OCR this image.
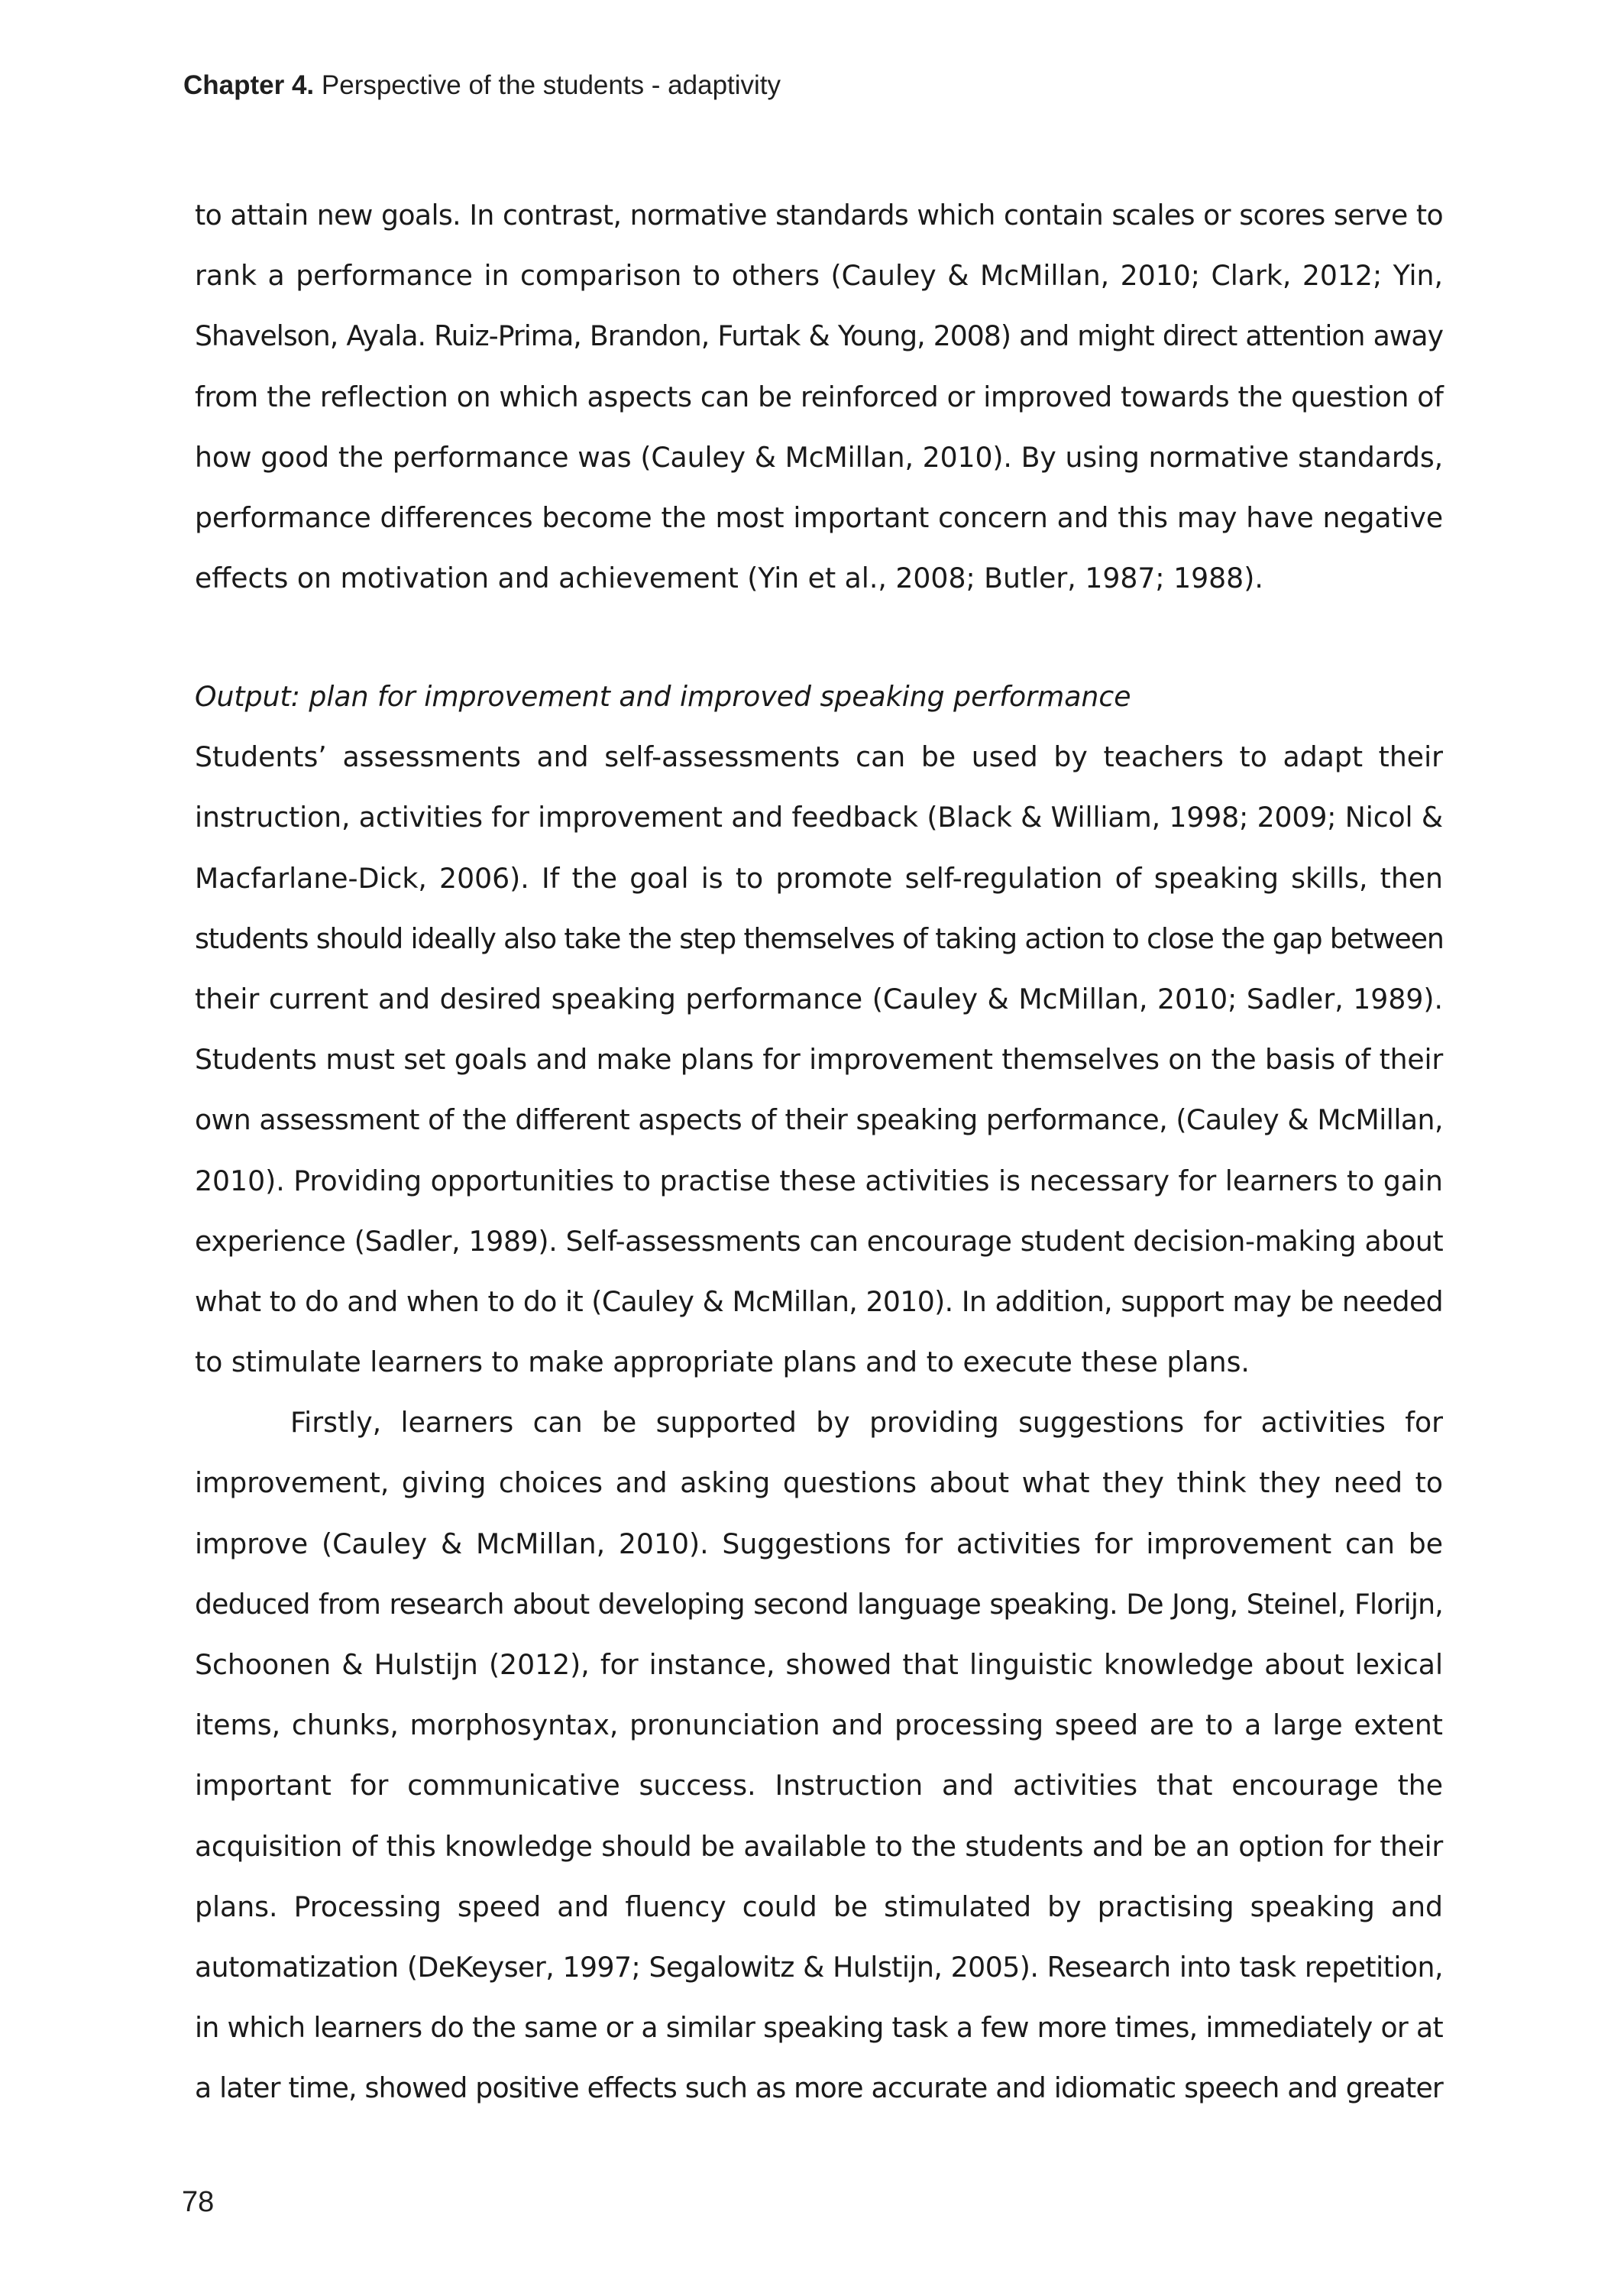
Chapter 4. Perspective of the students - adaptivity
to attain new goals. In contrast, normative standards which contain scales or scores serve to
rank a performance in comparison to others (Cauley & McMillan, 2010; Clark, 2012; Yin,
Shavelson, Ayala. Ruiz-Prima, Brandon, Furtak & Young, 2008) and might direct attention away
from the reflection on which aspects can be reinforced or improved towards the question of
how good the performance was (Cauley & McMillan, 2010). By using normative standards,
performance differences become the most important concern and this may have negative
effects on motivation and achievement (Yin et al., 2008; Butler, 1987; 1988).
Output: plan for improvement and improved speaking performance
Students’ assessments and self-assessments can be used by teachers to adapt their
instruction, activities for improvement and feedback (Black & William, 1998; 2009; Nicol &
Macfarlane-Dick, 2006). If the goal is to promote self-regulation of speaking skills, then
students should ideally also take the step themselves of taking action to close the gap between
their current and desired speaking performance (Cauley & McMillan, 2010; Sadler, 1989).
Students must set goals and make plans for improvement themselves on the basis of their
own assessment of the different aspects of their speaking performance, (Cauley & McMillan,
2010). Providing opportunities to practise these activities is necessary for learners to gain
experience (Sadler, 1989). Self-assessments can encourage student decision-making about
what to do and when to do it (Cauley & McMillan, 2010). In addition, support may be needed
to stimulate learners to make appropriate plans and to execute these plans.
Firstly, learners can be supported by providing suggestions for activities for
improvement, giving choices and asking questions about what they think they need to
improve (Cauley & McMillan, 2010). Suggestions for activities for improvement can be
deduced from research about developing second language speaking. De Jong, Steinel, Florijn,
Schoonen & Hulstijn (2012), for instance, showed that linguistic knowledge about lexical
items, chunks, morphosyntax, pronunciation and processing speed are to a large extent
important for communicative success. Instruction and activities that encourage the
acquisition of this knowledge should be available to the students and be an option for their
plans. Processing speed and fluency could be stimulated by practising speaking and
automatization (DeKeyser, 1997; Segalowitz & Hulstijn, 2005). Research into task repetition,
in which learners do the same or a similar speaking task a few more times, immediately or at
a later time, showed positive effects such as more accurate and idiomatic speech and greater
78
